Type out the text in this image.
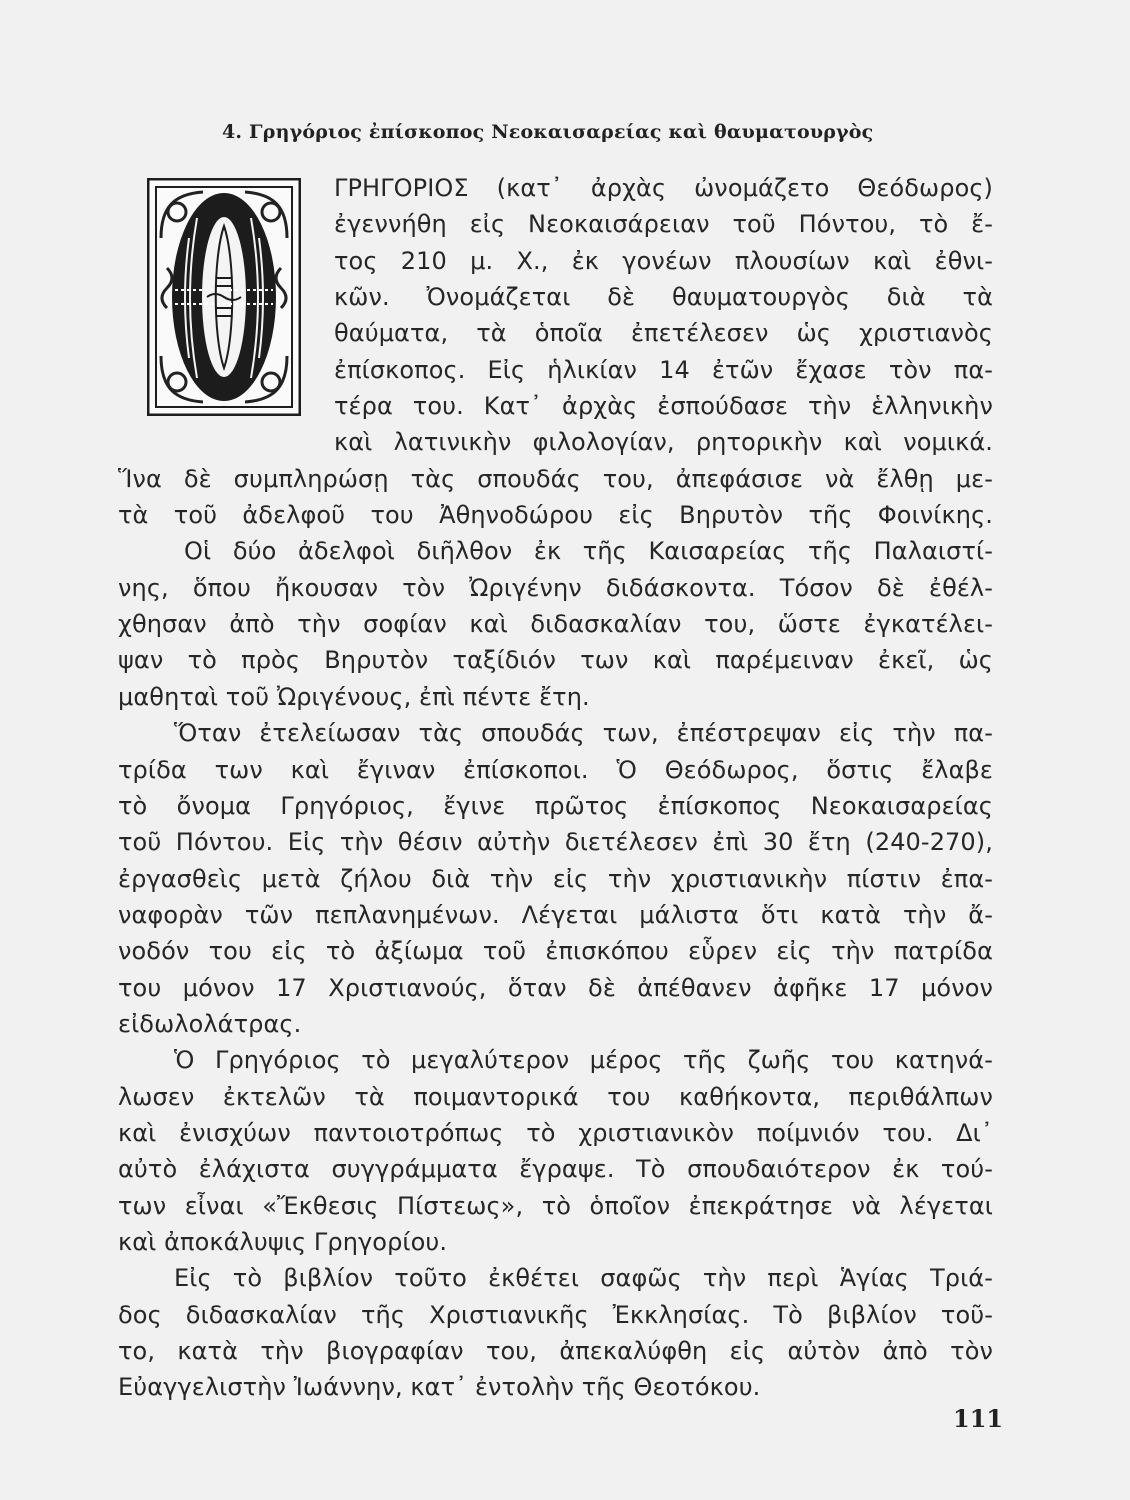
4. Γρηγόριος ἐπίσκοπος Νεοκαισαρείας καὶ θαυματουργὸς
ΓΡΗΓΟΡΙΟΣ (κατ᾽ ἀρχὰς ὠνομάζετο Θεόδωρος)
ἐγεννήθη εἰς Νεοκαισάρειαν τοῦ Πόντου, τὸ ἔ-
τος 210 μ. Χ., ἐκ γονέων πλουσίων καὶ ἐθνι-
κῶν. Ὀνομάζεται δὲ θαυματουργὸς διὰ τὰ
θαύματα, τὰ ὁποῖα ἐπετέλεσεν ὡς χριστιανὸς
ἐπίσκοπος. Εἰς ἡλικίαν 14 ἐτῶν ἔχασε τὸν πα-
τέρα του. Κατ᾽ ἀρχὰς ἐσπούδασε τὴν ἑλληνικὴν
καὶ λατινικὴν φιλολογίαν, ρητορικὴν καὶ νομικά.
Ἵνα δὲ συμπληρώσῃ τὰς σπουδάς του, ἀπεφάσισε νὰ ἔλθῃ με-
τὰ τοῦ ἀδελφοῦ του Ἀθηνοδώρου εἰς Βηρυτὸν τῆς Φοινίκης.
Οἱ δύο ἀδελφοὶ διῆλθον ἐκ τῆς Καισαρείας τῆς Παλαιστί-
νης, ὅπου ἤκουσαν τὸν Ὠριγένην διδάσκοντα. Τόσον δὲ ἐθέλ-
χθησαν ἀπὸ τὴν σοφίαν καὶ διδασκαλίαν του, ὥστε ἐγκατέλει-
ψαν τὸ πρὸς Βηρυτὸν ταξίδιόν των καὶ παρέμειναν ἐκεῖ, ὡς
μαθηταὶ τοῦ Ὠριγένους, ἐπὶ πέντε ἔτη.
Ὅταν ἐτελείωσαν τὰς σπουδάς των, ἐπέστρεψαν εἰς τὴν πα-
τρίδα των καὶ ἔγιναν ἐπίσκοποι. Ὁ Θεόδωρος, ὅστις ἔλαβε
τὸ ὄνομα Γρηγόριος, ἔγινε πρῶτος ἐπίσκοπος Νεοκαισαρείας
τοῦ Πόντου. Εἰς τὴν θέσιν αὐτὴν διετέλεσεν ἐπὶ 30 ἔτη (240-270),
ἐργασθεὶς μετὰ ζήλου διὰ τὴν εἰς τὴν χριστιανικὴν πίστιν ἐπα-
ναφορὰν τῶν πεπλανημένων. Λέγεται μάλιστα ὅτι κατὰ τὴν ἄ-
νοδόν του εἰς τὸ ἀξίωμα τοῦ ἐπισκόπου εὗρεν εἰς τὴν πατρίδα
του μόνον 17 Χριστιανούς, ὅταν δὲ ἀπέθανεν ἀφῆκε 17 μόνον
εἰδωλολάτρας.
Ὁ Γρηγόριος τὸ μεγαλύτερον μέρος τῆς ζωῆς του κατηνά-
λωσεν ἐκτελῶν τὰ ποιμαντορικά του καθήκοντα, περιθάλπων
καὶ ἐνισχύων παντοιοτρόπως τὸ χριστιανικὸν ποίμνιόν του. Δι᾽
αὐτὸ ἐλάχιστα συγγράμματα ἔγραψε. Τὸ σπουδαιότερον ἐκ τού-
των εἶναι «Ἔκθεσις Πίστεως», τὸ ὁποῖον ἐπεκράτησε νὰ λέγεται
καὶ ἀποκάλυψις Γρηγορίου.
Εἰς τὸ βιβλίον τοῦτο ἐκθέτει σαφῶς τὴν περὶ Ἁγίας Τριά-
δος διδασκαλίαν τῆς Χριστιανικῆς Ἐκκλησίας. Τὸ βιβλίον τοῦ-
το, κατὰ τὴν βιογραφίαν του, ἀπεκαλύφθη εἰς αὐτὸν ἀπὸ τὸν
Εὐαγγελιστὴν Ἰωάννην, κατ᾽ ἐντολὴν τῆς Θεοτόκου.
111
